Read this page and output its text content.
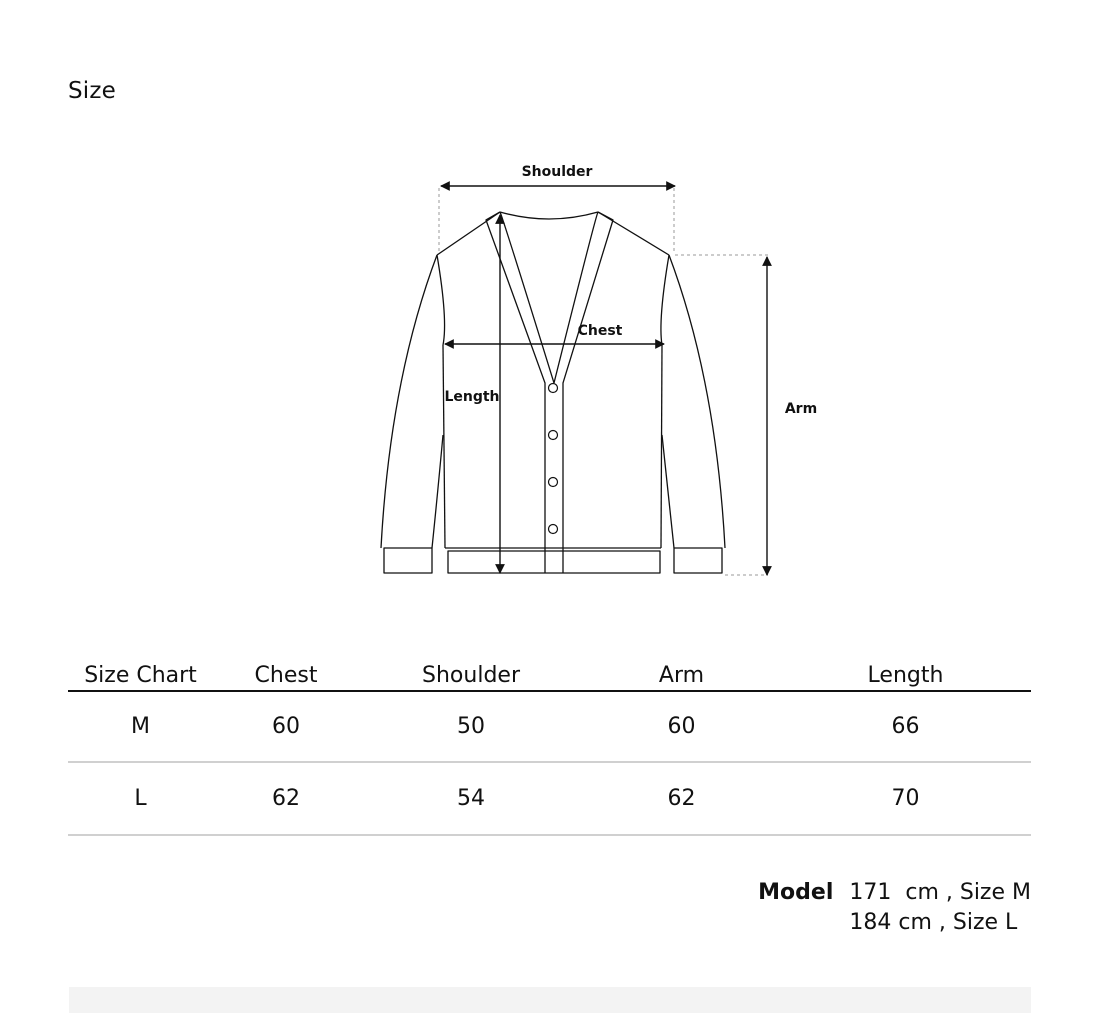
Size
Shoulder
Chest
Length
Arm
Size Chart	Chest	Shoulder	Arm	Length
M	60	50	60	66
L	62	54	62	70
Model 171  cm , Size M
184 cm , Size L
